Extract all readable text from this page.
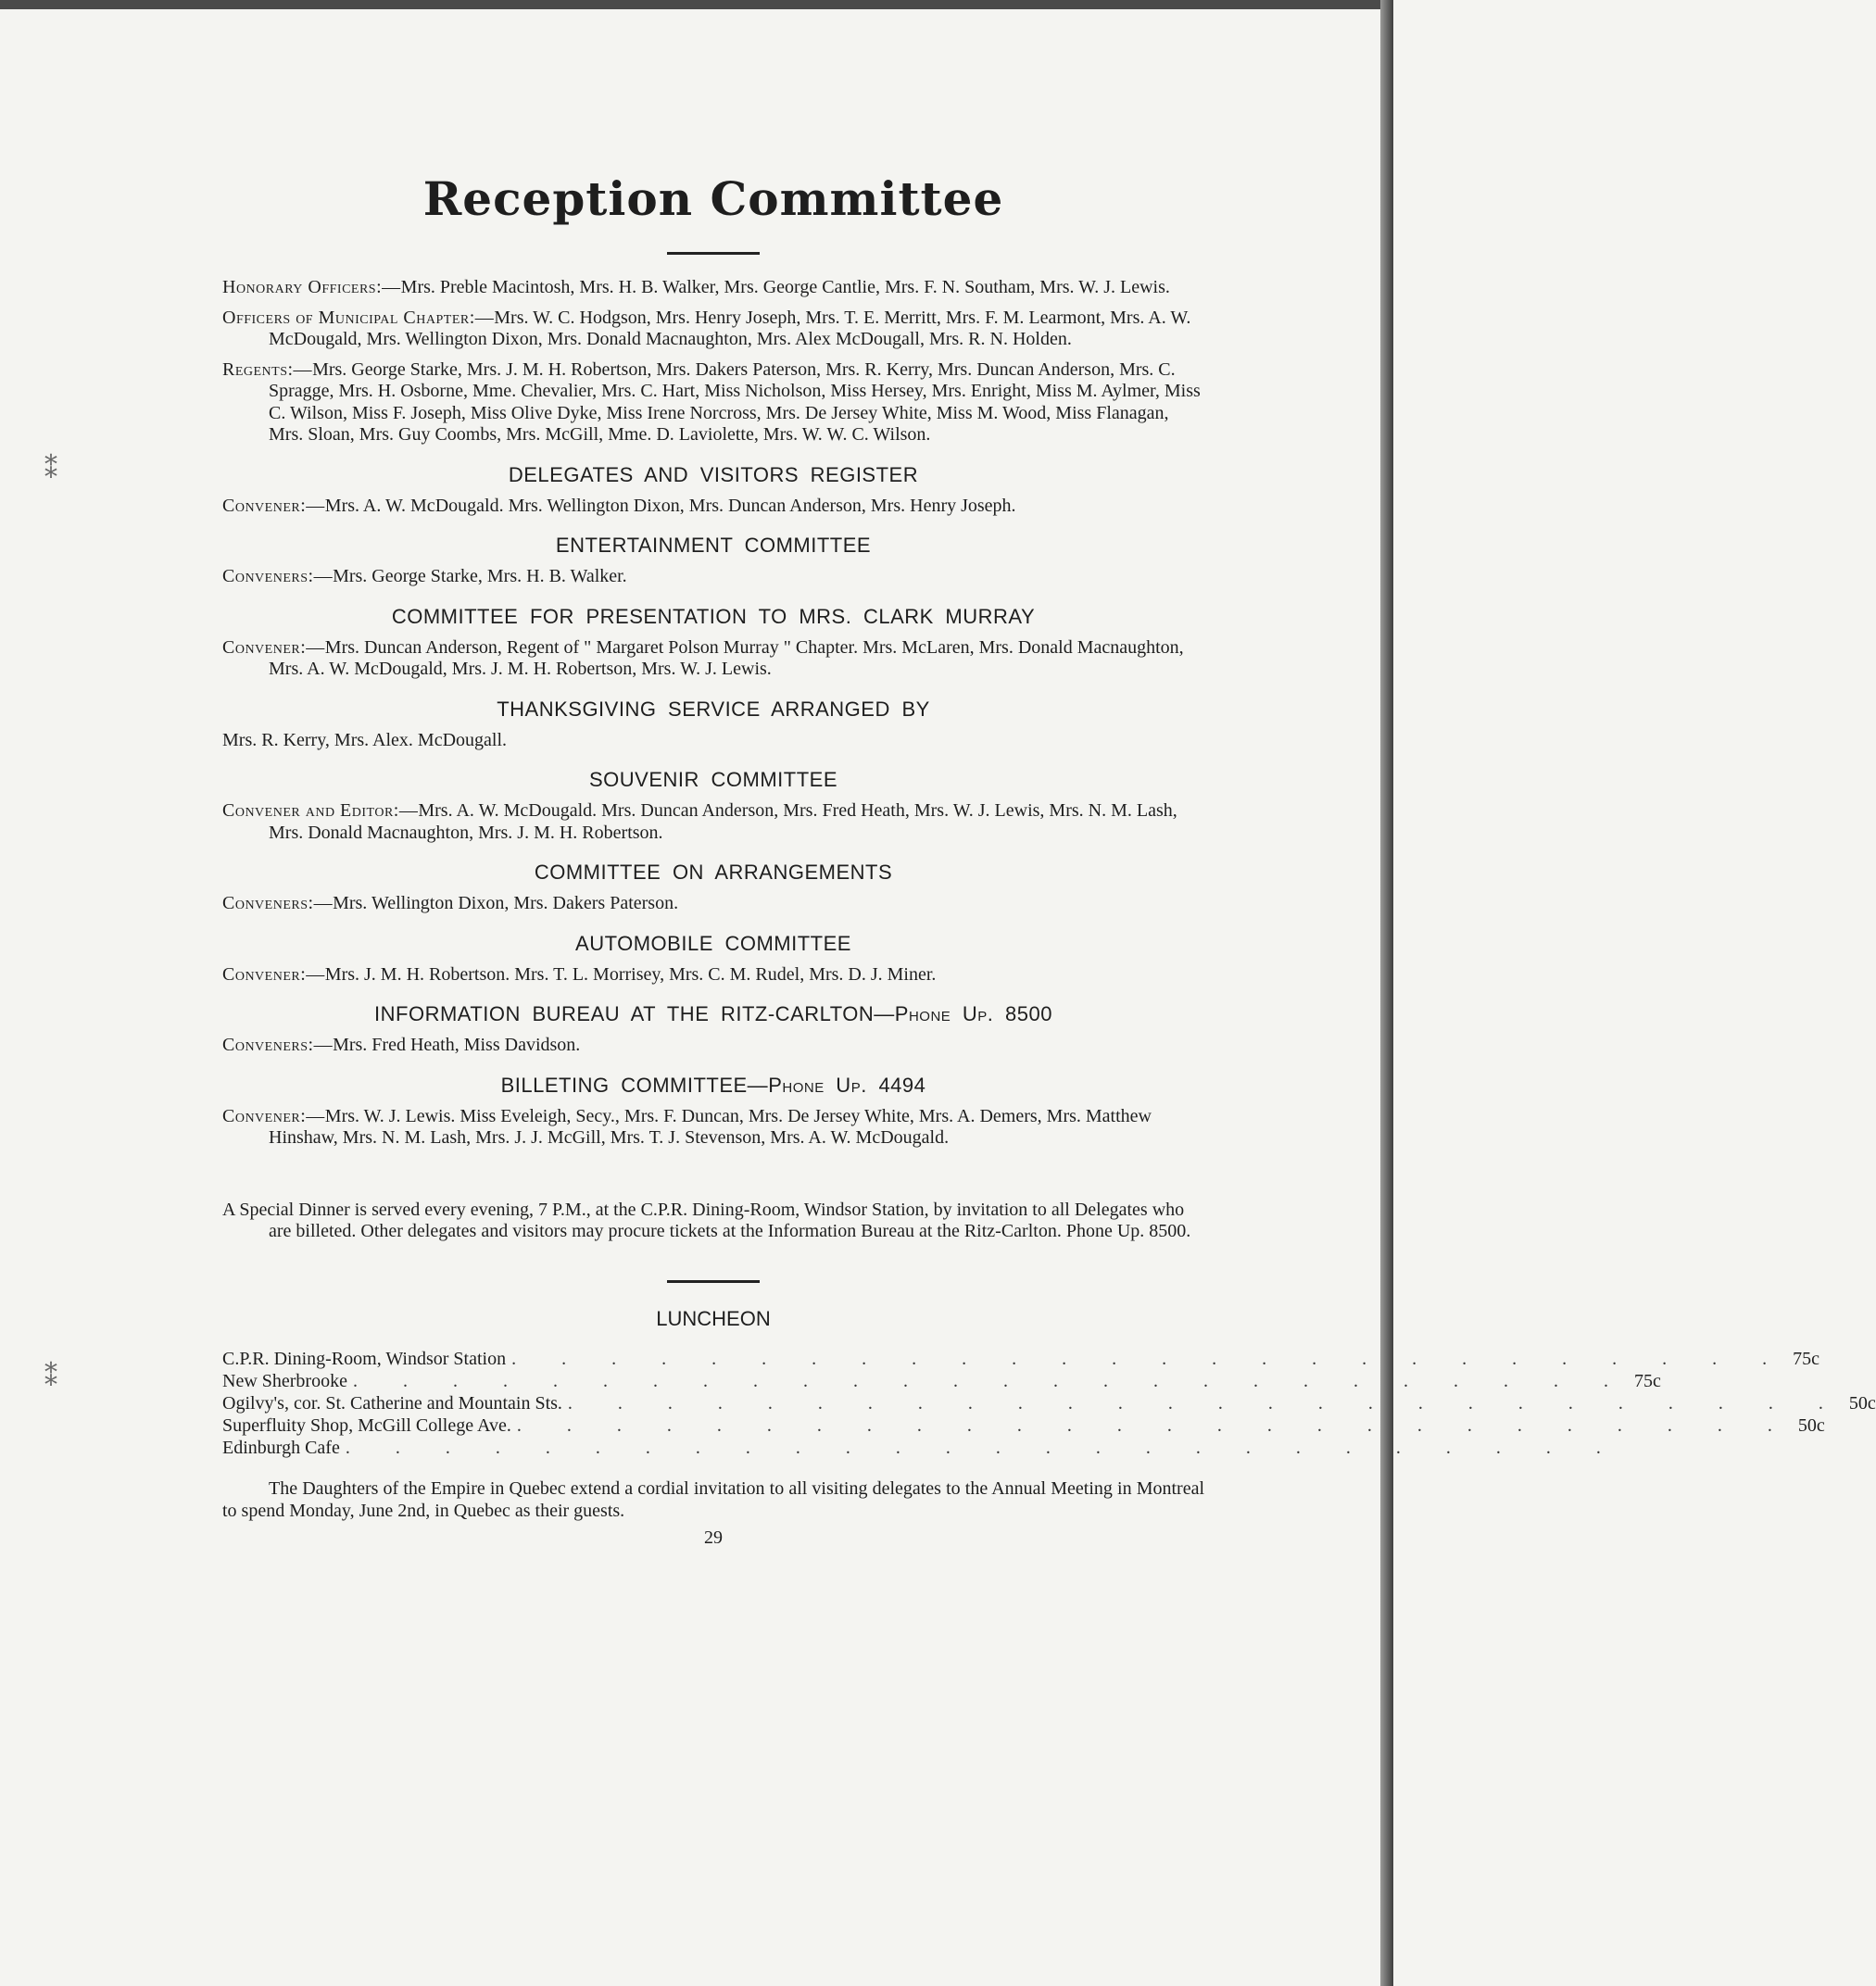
⁑
⁑
Reception Committee

Honorary Officers:—Mrs. Preble Macintosh, Mrs. H. B. Walker, Mrs. George Cantlie, Mrs. F. N. Southam, Mrs. W. J. Lewis.

Officers of Municipal Chapter:—Mrs. W. C. Hodgson, Mrs. Henry Joseph, Mrs. T. E. Merritt, Mrs. F. M. Learmont, Mrs. A. W. McDougald, Mrs. Wellington Dixon, Mrs. Donald Macnaughton, Mrs. Alex McDougall, Mrs. R. N. Holden.

Regents:—Mrs. George Starke, Mrs. J. M. H. Robertson, Mrs. Dakers Paterson, Mrs. R. Kerry, Mrs. Duncan Anderson, Mrs. C. Spragge, Mrs. H. Osborne, Mme. Chevalier, Mrs. C. Hart, Miss Nicholson, Miss Hersey, Mrs. Enright, Miss M. Aylmer, Miss C. Wilson, Miss F. Joseph, Miss Olive Dyke, Miss Irene Norcross, Mrs. De Jersey White, Miss M. Wood, Miss Flanagan, Mrs. Sloan, Mrs. Guy Coombs, Mrs. McGill, Mme. D. Laviolette, Mrs. W. W. C. Wilson.

DELEGATES AND VISITORS REGISTER

Convener:—Mrs. A. W. McDougald. Mrs. Wellington Dixon, Mrs. Duncan Anderson, Mrs. Henry Joseph.

ENTERTAINMENT COMMITTEE

Conveners:—Mrs. George Starke, Mrs. H. B. Walker.

COMMITTEE FOR PRESENTATION TO MRS. CLARK MURRAY

Convener:—Mrs. Duncan Anderson, Regent of " Margaret Polson Murray " Chapter. Mrs. McLaren, Mrs. Donald Macnaughton, Mrs. A. W. McDougald, Mrs. J. M. H. Robertson, Mrs. W. J. Lewis.

THANKSGIVING SERVICE ARRANGED BY

Mrs. R. Kerry, Mrs. Alex. McDougall.

SOUVENIR COMMITTEE

Convener and Editor:—Mrs. A. W. McDougald. Mrs. Duncan Anderson, Mrs. Fred Heath, Mrs. W. J. Lewis, Mrs. N. M. Lash, Mrs. Donald Macnaughton, Mrs. J. M. H. Robertson.

COMMITTEE ON ARRANGEMENTS

Conveners:—Mrs. Wellington Dixon, Mrs. Dakers Paterson.

AUTOMOBILE COMMITTEE

Convener:—Mrs. J. M. H. Robertson. Mrs. T. L. Morrisey, Mrs. C. M. Rudel, Mrs. D. J. Miner.

INFORMATION BUREAU AT THE RITZ-CARLTON—Phone Up. 8500

Conveners:—Mrs. Fred Heath, Miss Davidson.

BILLETING COMMITTEE—Phone Up. 4494

Convener:—Mrs. W. J. Lewis. Miss Eveleigh, Secy., Mrs. F. Duncan, Mrs. De Jersey White, Mrs. A. Demers, Mrs. Matthew Hinshaw, Mrs. N. M. Lash, Mrs. J. J. McGill, Mrs. T. J. Stevenson, Mrs. A. W. McDougald.

A Special Dinner is served every evening, 7 P.M., at the C.P.R. Dining-Room, Windsor Station, by invitation to all Delegates who are billeted. Other delegates and visitors may procure tickets at the Information Bureau at the Ritz-Carlton. Phone Up. 8500.

LUNCHEON
C.P.R. Dining-Room, Windsor Station . . . . . . . . . . . . . . . . . . . . . . . . . . 75c
New Sherbrooke . . . . . . . . . . . . . . . . . . . . . . . . . . 75c
Ogilvy's, cor. St. Catherine and Mountain Sts. . . . . . . . . . . . . . . . . . . . . . . . . . . 50c
Superfluity Shop, McGill College Ave. . . . . . . . . . . . . . . . . . . . . . . . . . . 50c
Edinburgh Cafe . . . . . . . . . . . . . . . . . . . . . . . . . .

The Daughters of the Empire in Quebec extend a cordial invitation to all visiting delegates to the Annual Meeting in Montreal to spend Monday, June 2nd, in Quebec as their guests.

29
